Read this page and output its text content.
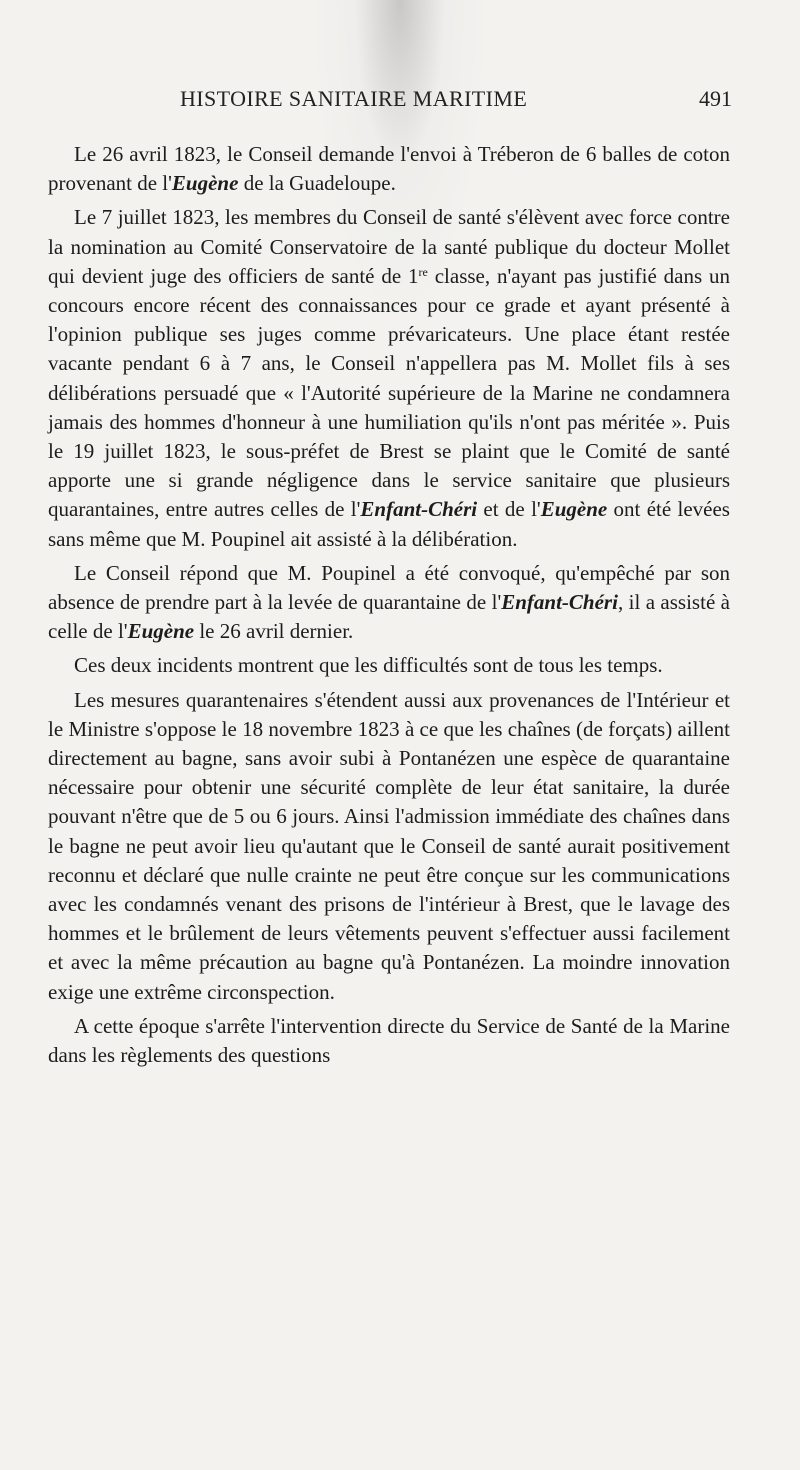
HISTOIRE SANITAIRE MARITIME	491

Le 26 avril 1823, le Conseil demande l'envoi à Tréberon de 6 balles de coton provenant de l'Eugène de la Guadeloupe.

Le 7 juillet 1823, les membres du Conseil de santé s'élèvent avec force contre la nomination au Comité Conservatoire de la santé publique du docteur Mollet qui devient juge des officiers de santé de 1re classe, n'ayant pas justifié dans un concours encore récent des connaissances pour ce grade et ayant présenté à l'opinion publique ses juges comme prévaricateurs. Une place étant restée vacante pendant 6 à 7 ans, le Conseil n'appellera pas M. Mollet fils à ses délibérations persuadé que « l'Autorité supérieure de la Marine ne condamnera jamais des hommes d'honneur à une humiliation qu'ils n'ont pas méritée ». Puis le 19 juillet 1823, le sous-préfet de Brest se plaint que le Comité de santé apporte une si grande négligence dans le service sanitaire que plusieurs quarantaines, entre autres celles de l'Enfant-Chéri et de l'Eugène ont été levées sans même que M. Poupinel ait assisté à la délibération.

Le Conseil répond que M. Poupinel a été convoqué, qu'empêché par son absence de prendre part à la levée de quarantaine de l'Enfant-Chéri, il a assisté à celle de l'Eugène le 26 avril dernier.

Ces deux incidents montrent que les difficultés sont de tous les temps.

Les mesures quarantenaires s'étendent aussi aux provenances de l'Intérieur et le Ministre s'oppose le 18 novembre 1823 à ce que les chaînes (de forçats) aillent directement au bagne, sans avoir subi à Pontanézen une espèce de quarantaine nécessaire pour obtenir une sécurité complète de leur état sanitaire, la durée pouvant n'être que de 5 ou 6 jours. Ainsi l'admission immédiate des chaînes dans le bagne ne peut avoir lieu qu'autant que le Conseil de santé aurait positivement reconnu et déclaré que nulle crainte ne peut être conçue sur les communications avec les condamnés venant des prisons de l'intérieur à Brest, que le lavage des hommes et le brûlement de leurs vêtements peuvent s'effectuer aussi facilement et avec la même précaution au bagne qu'à Pontanézen. La moindre innovation exige une extrême circonspection.

A cette époque s'arrête l'intervention directe du Service de Santé de la Marine dans les règlements des questions
